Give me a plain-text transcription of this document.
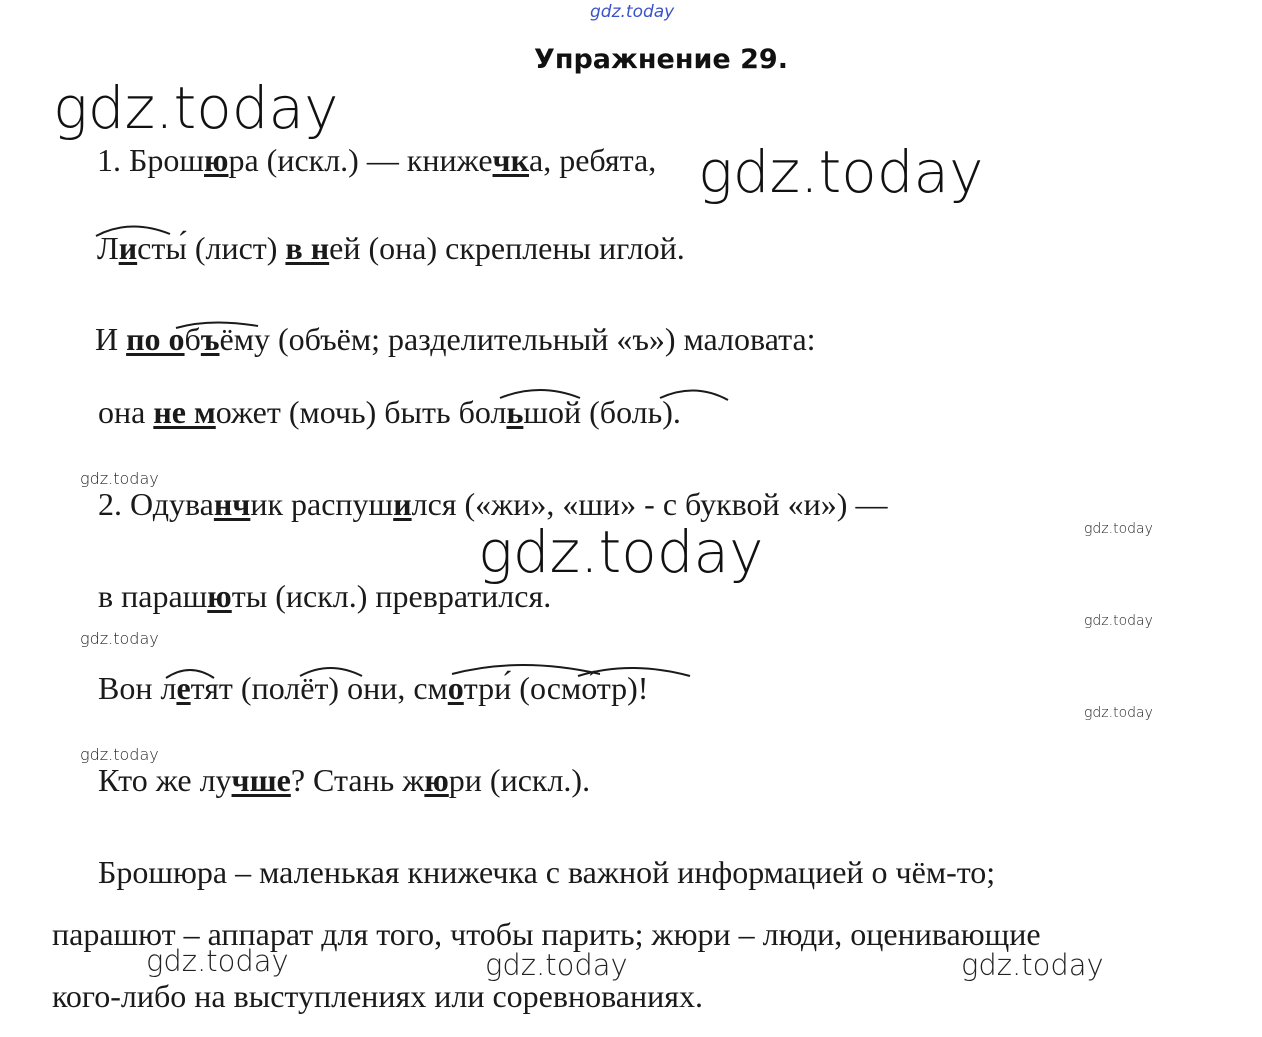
gdz.today
Упражнение 29.
gdz.today
gdz.today
gdz.today
gdz.today
gdz.today
gdz.today
gdz.today
gdz.today
gdz.today
1. Брошюра (искл.) — книжечка, ребята,
Листы́ (лист) в ней (она) скреплены иглой.
И по объёму (объём; разделительный «ъ») маловата:
она не может (мочь) быть большой (боль).
2. Одуванчик распушился («жи», «ши» - с буквой «и») —
в парашюты (искл.) превратился.
Вон летят (полёт) они, смотри́ (осмо́тр)!
Кто же лучше? Стань жюри (искл.).
Брошюра – маленькая книжечка с важной информацией о чём-то;
парашют – аппарат для того, чтобы парить; жюри – люди, оценивающие
кого-либо на выступлениях или соревнованиях.
gdz.today	gdz.today	gdz.today
